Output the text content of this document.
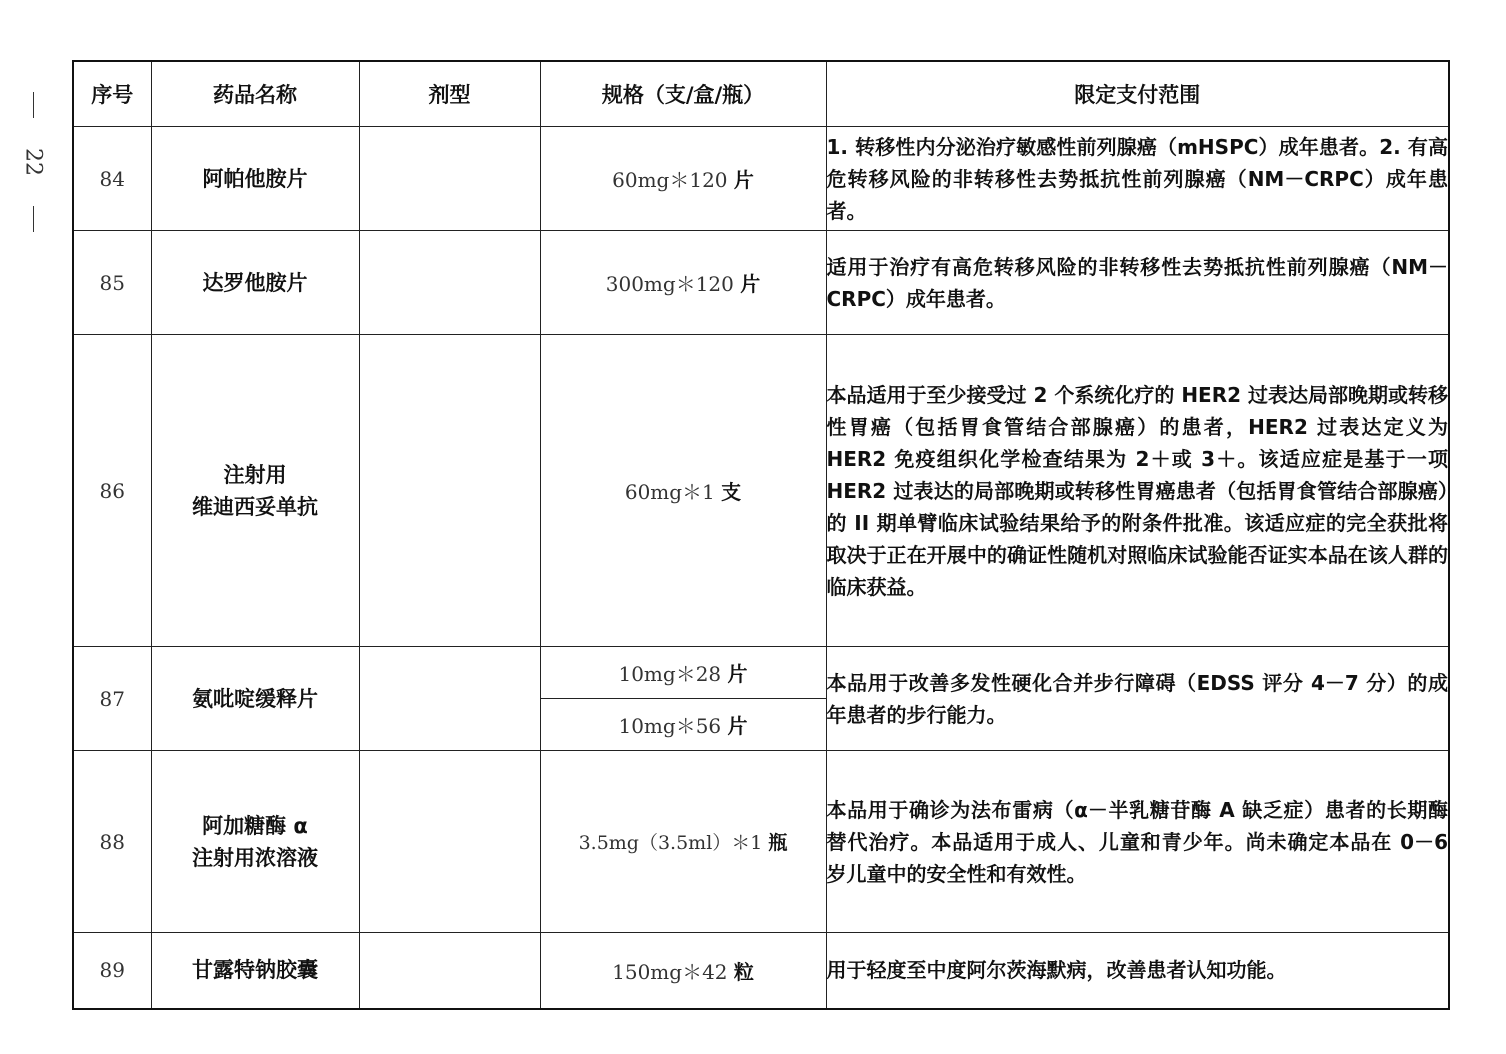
22
序号	药品名称	剂型	规格（支/盒/瓶）	限定支付范围
84	阿帕他胺片		60mg＊120 片	1. 转移性内分泌治疗敏感性前列腺癌（mHSPC）成年患者。2. 有高危转移风险的非转移性去势抵抗性前列腺癌（NM－CRPC）成年患者。
85	达罗他胺片		300mg＊120 片	适用于治疗有高危转移风险的非转移性去势抵抗性前列腺癌（NM－CRPC）成年患者。
86	注射用
维迪西妥单抗		60mg＊1 支	本品适用于至少接受过 2 个系统化疗的 HER2 过表达局部晚期或转移性胃癌（包括胃食管结合部腺癌）的患者，HER2 过表达定义为 HER2 免疫组织化学检查结果为 2＋或 3＋。该适应症是基于一项 HER2 过表达的局部晚期或转移性胃癌患者（包括胃食管结合部腺癌）的 II 期单臂临床试验结果给予的附条件批准。该适应症的完全获批将取决于正在开展中的确证性随机对照临床试验能否证实本品在该人群的临床获益。
87	氨吡啶缓释片		10mg＊28 片	本品用于改善多发性硬化合并步行障碍（EDSS 评分 4－7 分）的成年患者的步行能力。
			10mg＊56 片	
88	阿加糖酶 α
注射用浓溶液		3.5mg（3.5ml）＊1 瓶	本品用于确诊为法布雷病（α－半乳糖苷酶 A 缺乏症）患者的长期酶替代治疗。本品适用于成人、儿童和青少年。尚未确定本品在 0－6 岁儿童中的安全性和有效性。
89	甘露特钠胶囊		150mg＊42 粒	用于轻度至中度阿尔茨海默病，改善患者认知功能。
